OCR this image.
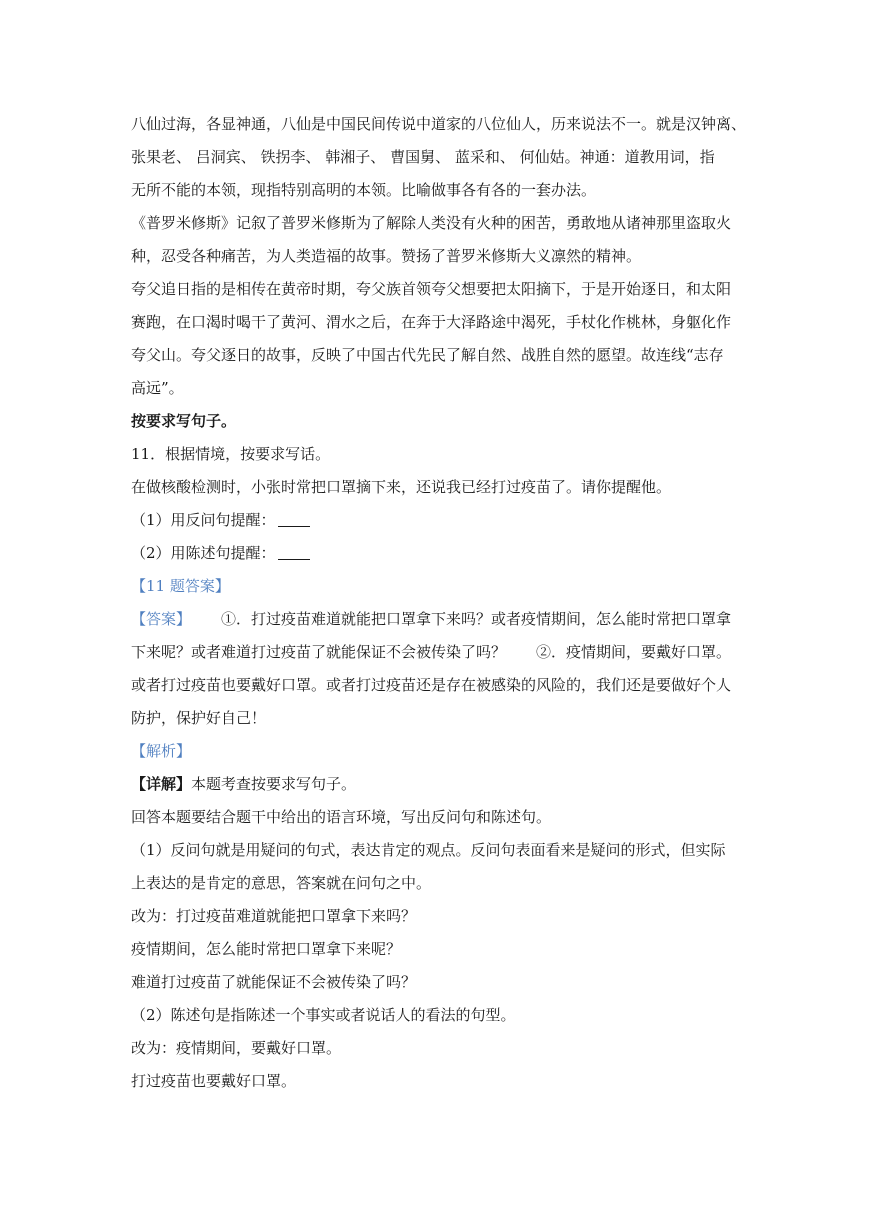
八仙过海，各显神通，八仙是中国民间传说中道家的八位仙人，历来说法不一。就是汉钟离、
张果老、 吕洞宾、 铁拐李、 韩湘子、 曹国舅、 蓝采和、 何仙姑。神通：道教用词，指
无所不能的本领，现指特别高明的本领。比喻做事各有各的一套办法。
《普罗米修斯》记叙了普罗米修斯为了解除人类没有火种的困苦，勇敢地从诸神那里盗取火
种，忍受各种痛苦，为人类造福的故事。赞扬了普罗米修斯大义凛然的精神。
夸父追日指的是相传在黄帝时期，夸父族首领夸父想要把太阳摘下，于是开始逐日，和太阳
赛跑，在口渴时喝干了黄河、渭水之后，在奔于大泽路途中渴死，手杖化作桃林，身躯化作
夸父山。夸父逐日的故事，反映了中国古代先民了解自然、战胜自然的愿望。故连线“志存
高远”。
按要求写句子。
11．根据情境，按要求写话。
在做核酸检测时，小张时常把口罩摘下来，还说我已经打过疫苗了。请你提醒他。
（1）用反问句提醒：
（2）用陈述句提醒：
【11 题答案】
【答案】 ①．打过疫苗难道就能把口罩拿下来吗？或者疫情期间，怎么能时常把口罩拿
下来呢？或者难道打过疫苗了就能保证不会被传染了吗？ ②．疫情期间，要戴好口罩。
或者打过疫苗也要戴好口罩。或者打过疫苗还是存在被感染的风险的，我们还是要做好个人
防护，保护好自己！
【解析】
【详解】本题考查按要求写句子。
回答本题要结合题干中给出的语言环境，写出反问句和陈述句。
（1）反问句就是用疑问的句式，表达肯定的观点。反问句表面看来是疑问的形式，但实际
上表达的是肯定的意思，答案就在问句之中。
改为：打过疫苗难道就能把口罩拿下来吗？
疫情期间，怎么能时常把口罩拿下来呢？
难道打过疫苗了就能保证不会被传染了吗？
（2）陈述句是指陈述一个事实或者说话人的看法的句型。
改为：疫情期间，要戴好口罩。
打过疫苗也要戴好口罩。
